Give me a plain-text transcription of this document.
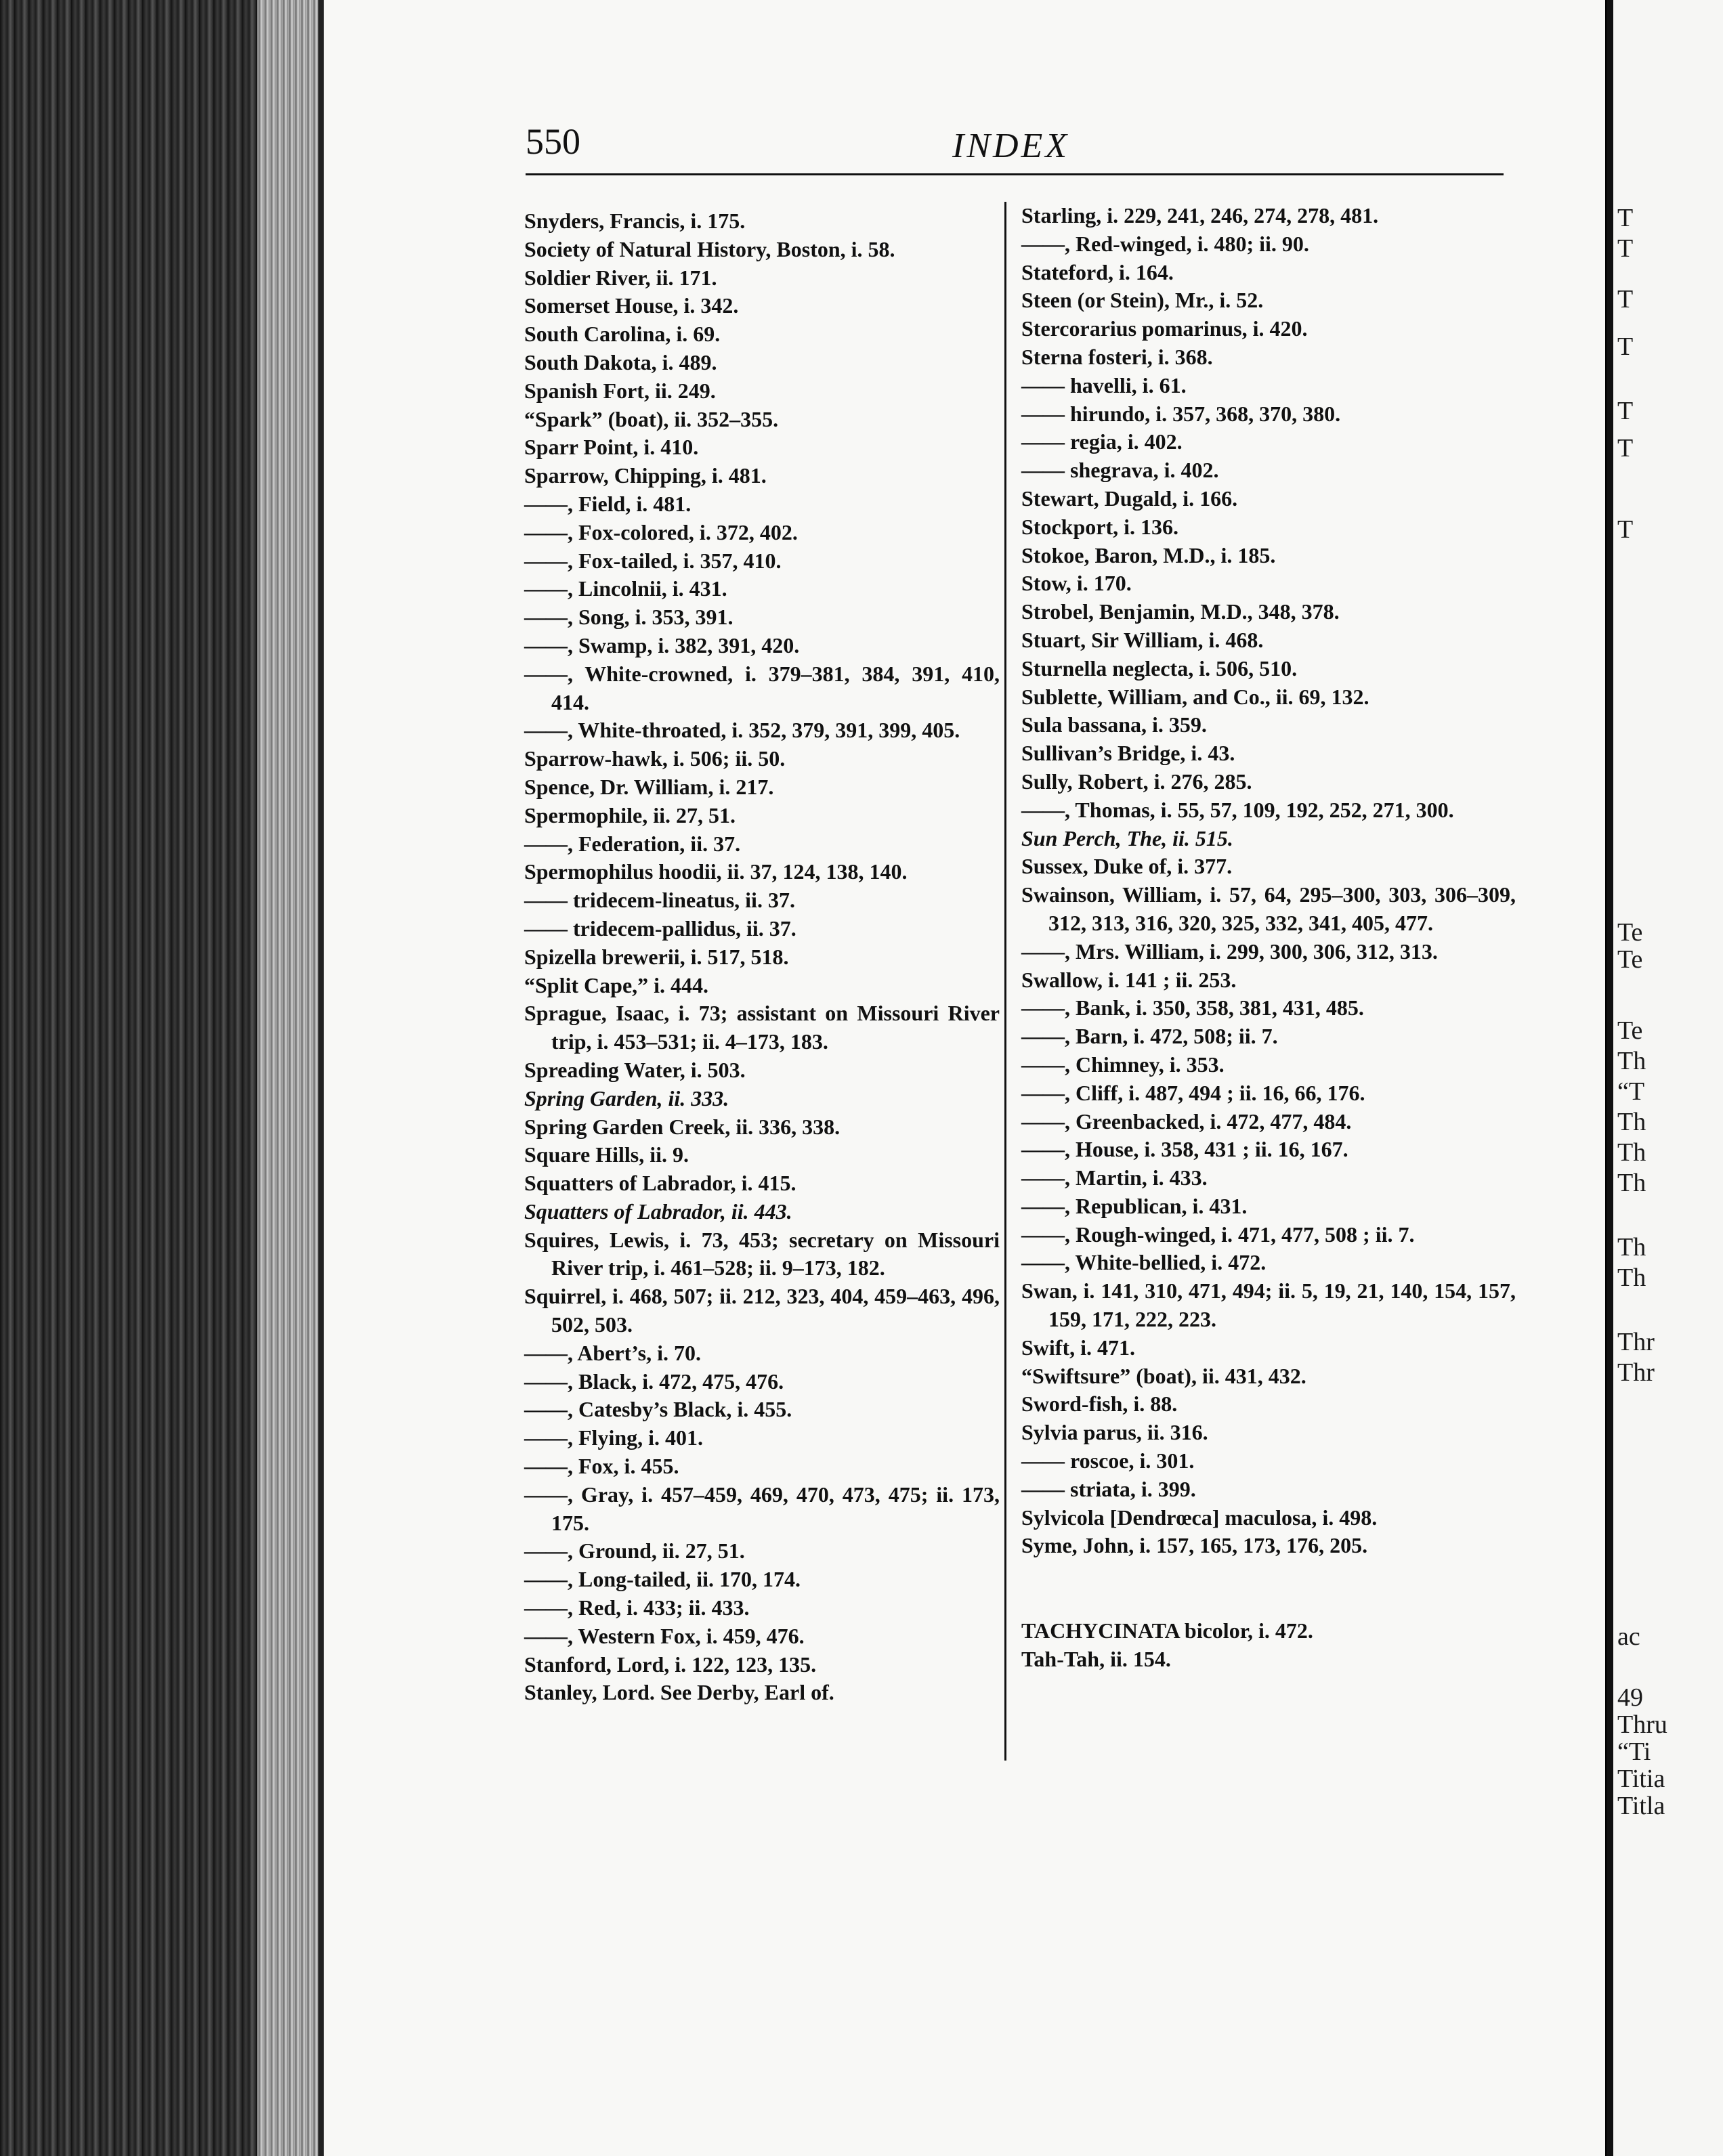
550	INDEX
Snyders, Francis, i. 175.
Society of Natural History, Boston, i. 58.
Soldier River, ii. 171.
Somerset House, i. 342.
South Carolina, i. 69.
South Dakota, i. 489.
Spanish Fort, ii. 249.
“Spark” (boat), ii. 352–355.
Sparr Point, i. 410.
Sparrow, Chipping, i. 481.
——, Field, i. 481.
——, Fox-colored, i. 372, 402.
——, Fox-tailed, i. 357, 410.
——, Lincolnii, i. 431.
——, Song, i. 353, 391.
——, Swamp, i. 382, 391, 420.
——, White-crowned, i. 379–381, 384, 391, 410, 414.
——, White-throated, i. 352, 379, 391, 399, 405.
Sparrow-hawk, i. 506; ii. 50.
Spence, Dr. William, i. 217.
Spermophile, ii. 27, 51.
——, Federation, ii. 37.
Spermophilus hoodii, ii. 37, 124, 138, 140.
—— tridecem-lineatus, ii. 37.
—— tridecem-pallidus, ii. 37.
Spizella brewerii, i. 517, 518.
“Split Cape,” i. 444.
Sprague, Isaac, i. 73; assistant on Missouri River trip, i. 453–531; ii. 4–173, 183.
Spreading Water, i. 503.
Spring Garden, ii. 333.
Spring Garden Creek, ii. 336, 338.
Square Hills, ii. 9.
Squatters of Labrador, i. 415.
Squatters of Labrador, ii. 443.
Squires, Lewis, i. 73, 453; secretary on Missouri River trip, i. 461–528; ii. 9–173, 182.
Squirrel, i. 468, 507; ii. 212, 323, 404, 459–463, 496, 502, 503.
——, Abert’s, i. 70.
——, Black, i. 472, 475, 476.
——, Catesby’s Black, i. 455.
——, Flying, i. 401.
——, Fox, i. 455.
——, Gray, i. 457–459, 469, 470, 473, 475; ii. 173, 175.
——, Ground, ii. 27, 51.
——, Long-tailed, ii. 170, 174.
——, Red, i. 433; ii. 433.
——, Western Fox, i. 459, 476.
Stanford, Lord, i. 122, 123, 135.
Stanley, Lord. See Derby, Earl of.
Starling, i. 229, 241, 246, 274, 278, 481.
——, Red-winged, i. 480; ii. 90.
Stateford, i. 164.
Steen (or Stein), Mr., i. 52.
Stercorarius pomarinus, i. 420.
Sterna fosteri, i. 368.
—— havelli, i. 61.
—— hirundo, i. 357, 368, 370, 380.
—— regia, i. 402.
—— shegrava, i. 402.
Stewart, Dugald, i. 166.
Stockport, i. 136.
Stokoe, Baron, M.D., i. 185.
Stow, i. 170.
Strobel, Benjamin, M.D., 348, 378.
Stuart, Sir William, i. 468.
Sturnella neglecta, i. 506, 510.
Sublette, William, and Co., ii. 69, 132.
Sula bassana, i. 359.
Sullivan’s Bridge, i. 43.
Sully, Robert, i. 276, 285.
——, Thomas, i. 55, 57, 109, 192, 252, 271, 300.
Sun Perch, The, ii. 515.
Sussex, Duke of, i. 377.
Swainson, William, i. 57, 64, 295–300, 303, 306–309, 312, 313, 316, 320, 325, 332, 341, 405, 477.
——, Mrs. William, i. 299, 300, 306, 312, 313.
Swallow, i. 141 ; ii. 253.
——, Bank, i. 350, 358, 381, 431, 485.
——, Barn, i. 472, 508; ii. 7.
——, Chimney, i. 353.
——, Cliff, i. 487, 494 ; ii. 16, 66, 176.
——, Greenbacked, i. 472, 477, 484.
——, House, i. 358, 431 ; ii. 16, 167.
——, Martin, i. 433.
——, Republican, i. 431.
——, Rough-winged, i. 471, 477, 508 ; ii. 7.
——, White-bellied, i. 472.
Swan, i. 141, 310, 471, 494; ii. 5, 19, 21, 140, 154, 157, 159, 171, 222, 223.
Swift, i. 471.
“Swiftsure” (boat), ii. 431, 432.
Sword-fish, i. 88.
Sylvia parus, ii. 316.
—— roscoe, i. 301.
—— striata, i. 399.
Sylvicola [Dendrœca] maculosa, i. 498.
Syme, John, i. 157, 165, 173, 176, 205.
TACHYCINATA bicolor, i. 472.
Tah-Tah, ii. 154.
T
T
T
T
T
T
T
Te
Te
Te
Th
“T
Th
Th
Th
Th
Th
Thr
Thr
ac
49
Thru
“Ti
Titia
Titla
